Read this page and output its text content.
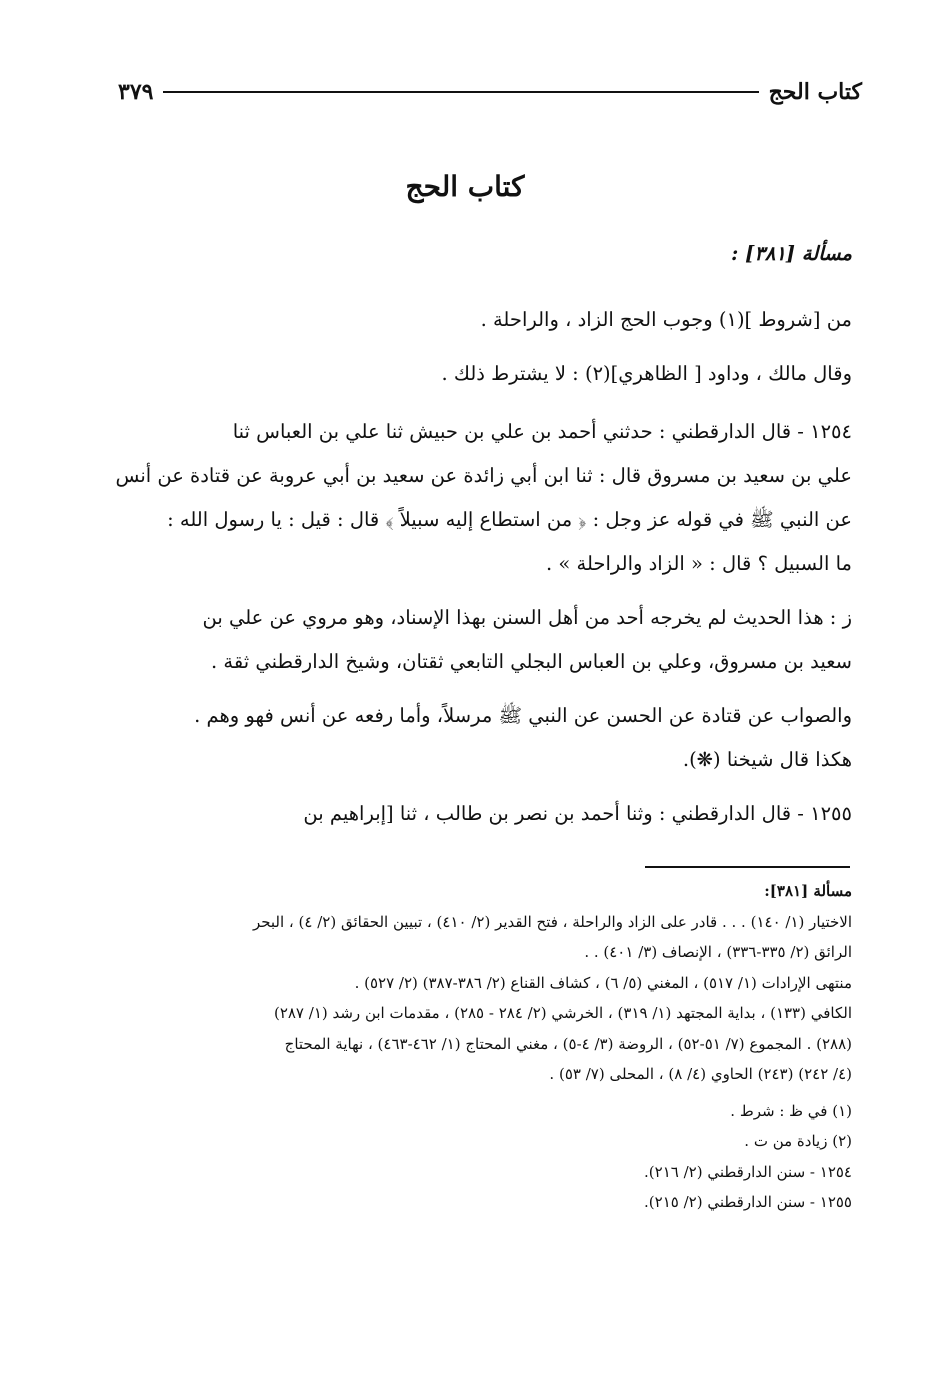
كتاب الحج
٣٧٩
كتاب الحج

مسألة [٣٨١] :

من [شروط ](١) وجوب الحج الزاد ، والراحلة .

وقال مالك ، وداود [ الظاهري](٢) : لا يشترط ذلك .

١٢٥٤ - قال الدارقطني : حدثني أحمد بن علي بن حبيش ثنا علي بن العباس ثنا
علي بن سعيد بن مسروق قال : ثنا ابن أبي زائدة عن سعيد بن أبي عروبة عن قتادة عن أنس
عن النبي ﷺ في قوله عز وجل : ﴿ من استطاع إليه سبيلاً ﴾ قال : قيل : يا رسول الله :
ما السبيل ؟ قال : « الزاد والراحلة » .
ز : هذا الحديث لم يخرجه أحد من أهل السنن بهذا الإسناد، وهو مروي عن علي بن
سعيد بن مسروق، وعلي بن العباس البجلي التابعي ثقتان، وشيخ الدارقطني ثقة .
والصواب عن قتادة عن الحسن عن النبي ﷺ مرسلاً، وأما رفعه عن أنس فهو وهم .
هكذا قال شيخنا (❋).
١٢٥٥ - قال الدارقطني : وثنا أحمد بن نصر بن طالب ، ثنا [إبراهيم بن

مسألة [٣٨١]:

الاختيار (١/ ١٤٠) . . . قادر على الزاد والراحلة ، فتح القدير (٢/ ٤١٠) ، تبيين الحقائق (٢/ ٤) ، البحر

الرائق (٢/ ٣٣٥-٣٣٦) ، الإنصاف (٣/ ٤٠١) . .

منتهى الإرادات (١/ ٥١٧) ، المغني (٥/ ٦) ، كشاف القناع (٢/ ٣٨٦-٣٨٧) (٢/ ٥٢٧) .

الكافي (١٣٣) ، بداية المجتهد (١/ ٣١٩) ، الخرشي (٢/ ٢٨٤ - ٢٨٥) ، مقدمات ابن رشد (١/ ٢٨٧)

(٢٨٨) . المجموع (٧/ ٥١-٥٢) ، الروضة (٣/ ٤-٥) ، مغني المحتاج (١/ ٤٦٢-٤٦٣) ، نهاية المحتاج

(٤/ ٢٤٢) (٢٤٣) الحاوي (٤/ ٨) ، المحلى (٧/ ٥٣) .

(١) في ظ : شرط .

(٢) زيادة من ت .

١٢٥٤ - سنن الدارقطني (٢/ ٢١٦).

١٢٥٥ - سنن الدارقطني (٢/ ٢١٥).
